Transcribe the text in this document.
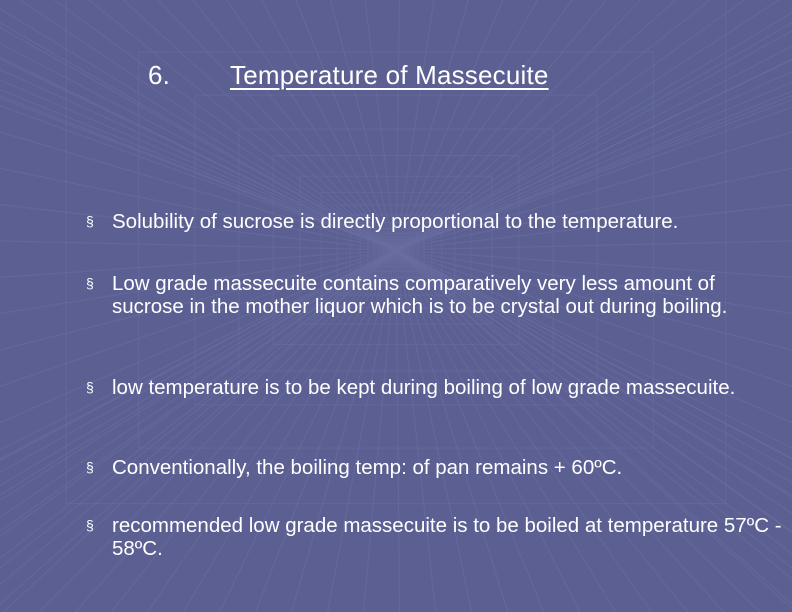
6. Temperature of Massecuite
§ Solubility of sucrose is directly proportional to the temperature.
§ Low grade massecuite contains comparatively very less amount of sucrose in the mother liquor which is to be crystal out during boiling.
§ low temperature is to be kept during boiling of low grade massecuite.
§ Conventionally, the boiling temp: of pan remains + 60ºC.
§ recommended low grade massecuite is to be boiled at temperature 57ºC - 58ºC.
